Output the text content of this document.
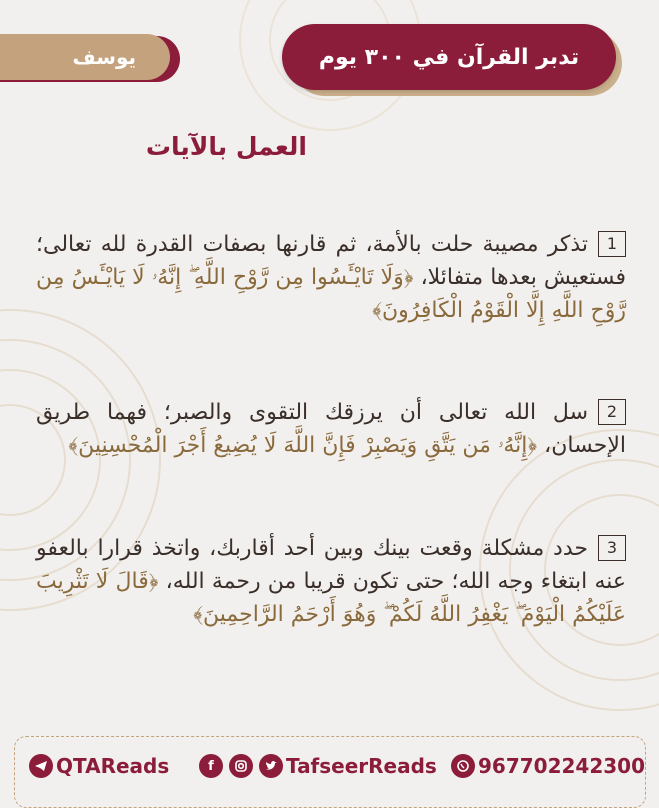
تدبر القرآن في ٣٠٠ يوم
يوسف
العمل بالآيات
1تذكر مصيبة حلت بالأمة، ثم قارنها بصفات القدرة لله تعالى؛ فستعيش بعدها متفائلا، ﴿وَلَا تَايْـَٔسُوا مِن رَّوْحِ اللَّهِ ۖ إِنَّهُۥ لَا يَايْـَٔسُ مِن رَّوْحِ اللَّهِ إِلَّا الْقَوْمُ الْكَافِرُونَ﴾
2سل الله تعالى أن يرزقك التقوى والصبر؛ فهما طريق الإحسان، ﴿إِنَّهُۥ مَن يَتَّقِ وَيَصْبِرْ فَإِنَّ اللَّهَ لَا يُضِيعُ أَجْرَ الْمُحْسِنِينَ﴾
3حدد مشكلة وقعت بينك وبين أحد أقاربك، واتخذ قرارا بالعفو عنه ابتغاء وجه الله؛ حتى تكون قريبا من رحمة الله، ﴿قَالَ لَا تَثْرِيبَ عَلَيْكُمُ الْيَوْمَ ۖ يَغْفِرُ اللَّهُ لَكُمْ ۖ وَهُوَ أَرْحَمُ الرَّاحِمِينَ﴾
QTAReads	f	TafseerReads 967702242300
